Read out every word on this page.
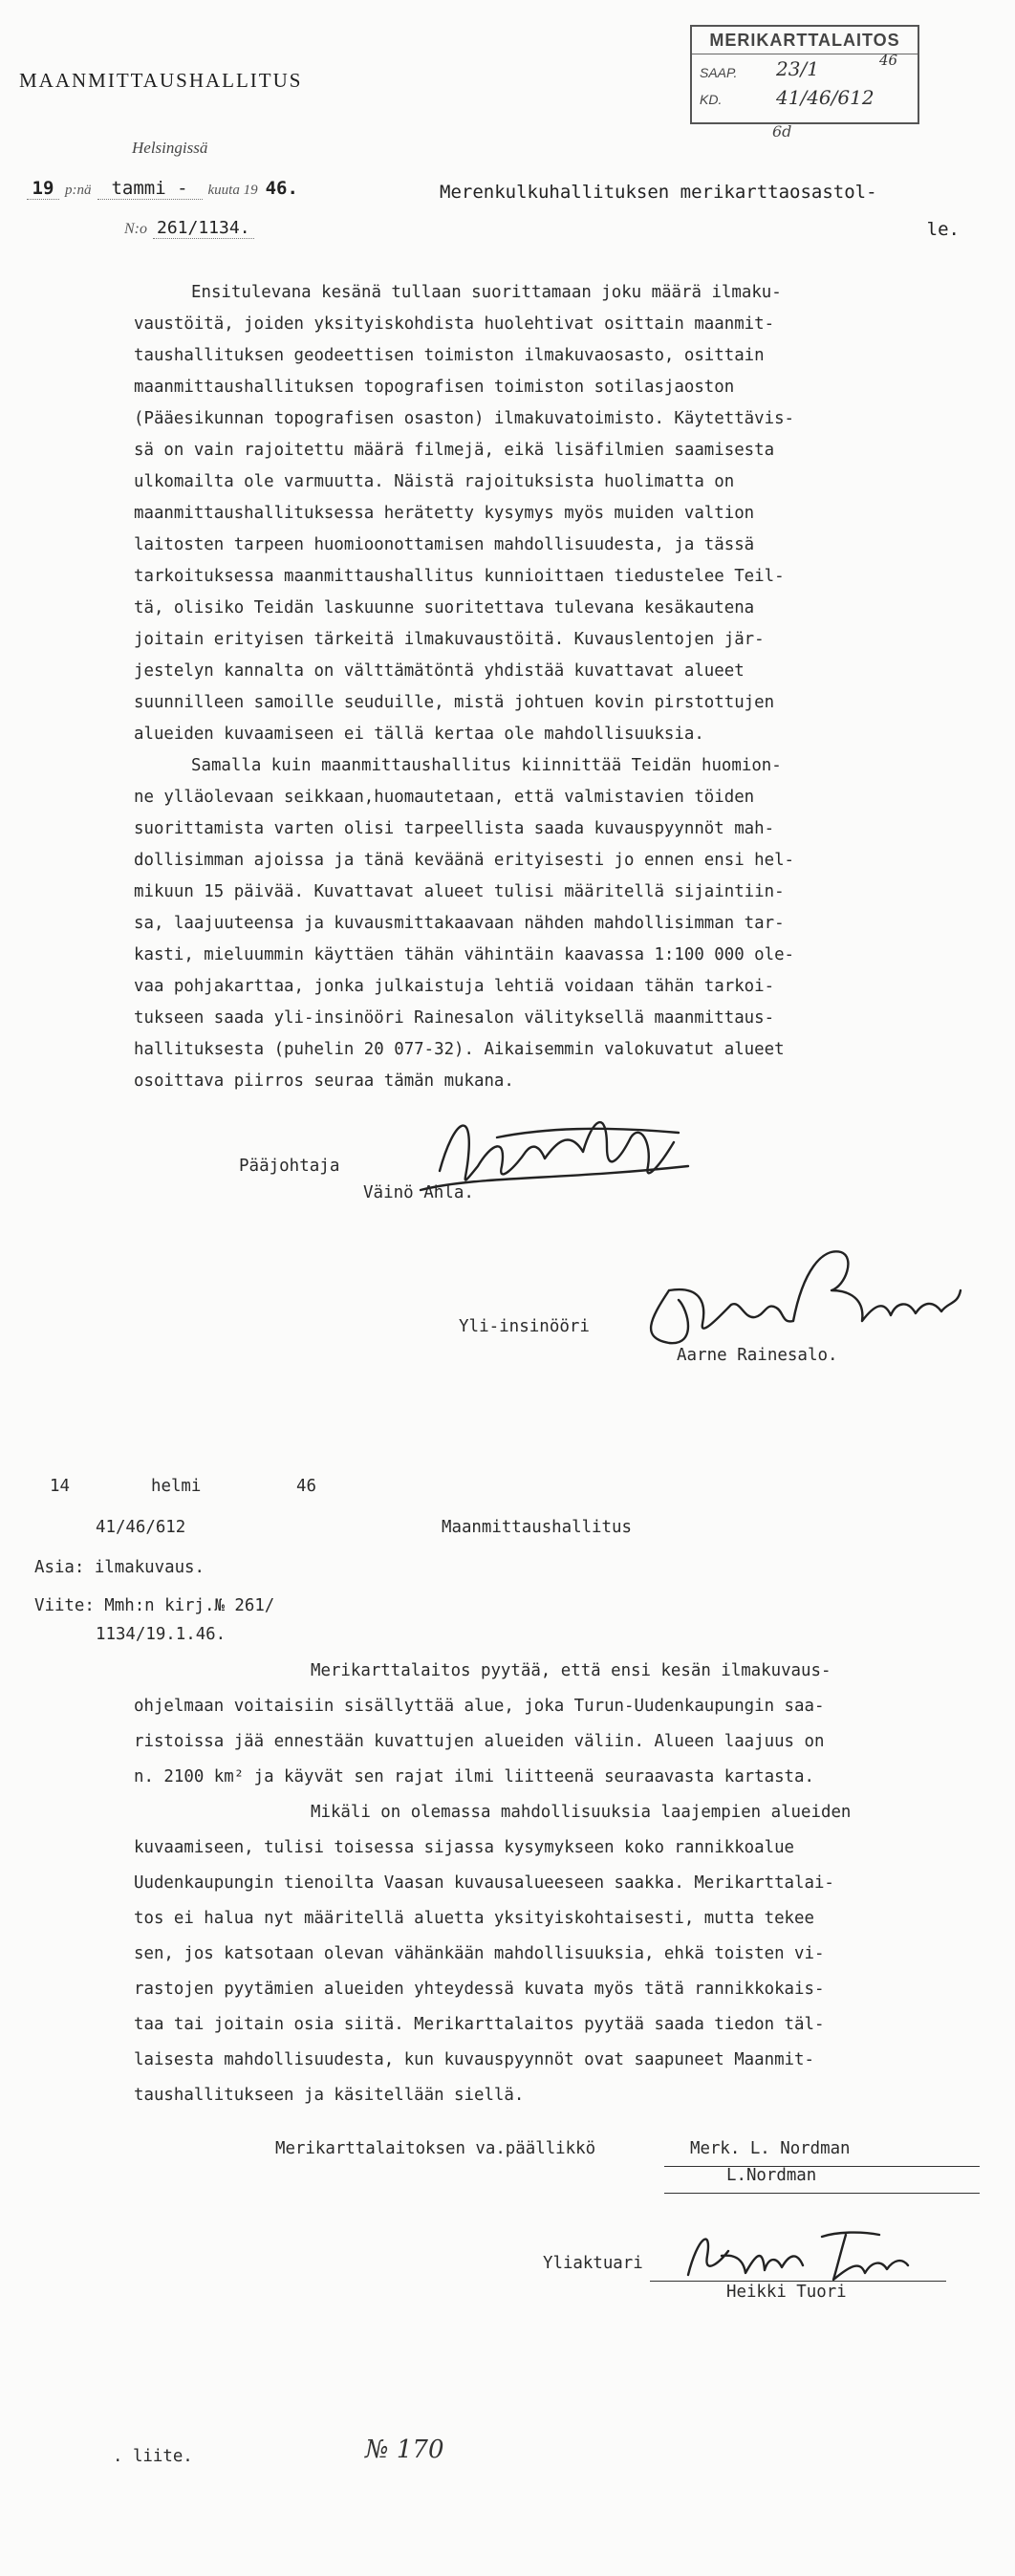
MAANMITTAUSHALLITUS
MERIKARTTALAITOS
SAAP.
KD.
23/1	46
41/46/612
6d
Helsingissä
19 p:nä tammi - kuuta 19 46.
N:o 261/1134.
Merenkulkuhallituksen merikarttaosastol-
le.
Ensitulevana kesänä tullaan suorittamaan joku määrä ilmaku-
vaustöitä, joiden yksityiskohdista huolehtivat osittain maanmit-
taushallituksen geodeettisen toimiston ilmakuvaosasto, osittain
maanmittaushallituksen topografisen toimiston sotilasjaoston
(Pääesikunnan topografisen osaston) ilmakuvatoimisto. Käytettävis-
sä on vain rajoitettu määrä filmejä, eikä lisäfilmien saamisesta
ulkomailta ole varmuutta. Näistä rajoituksista huolimatta on
maanmittaushallituksessa herätetty kysymys myös muiden valtion
laitosten tarpeen huomioonottamisen mahdollisuudesta, ja tässä
tarkoituksessa maanmittaushallitus kunnioittaen tiedustelee Teil-
tä, olisiko Teidän laskuunne suoritettava tulevana kesäkautena
joitain erityisen tärkeitä ilmakuvaustöitä. Kuvauslentojen jär-
jestelyn kannalta on välttämätöntä yhdistää kuvattavat alueet
suunnilleen samoille seuduille, mistä johtuen kovin pirstottujen
alueiden kuvaamiseen ei tällä kertaa ole mahdollisuuksia.
Samalla kuin maanmittaushallitus kiinnittää Teidän huomion-
ne ylläolevaan seikkaan,huomautetaan, että valmistavien töiden
suorittamista varten olisi tarpeellista saada kuvauspyynnöt mah-
dollisimman ajoissa ja tänä keväänä erityisesti jo ennen ensi hel-
mikuun 15 päivää. Kuvattavat alueet tulisi määritellä sijaintiin-
sa, laajuuteensa ja kuvausmittakaavaan nähden mahdollisimman tar-
kasti, mieluummin käyttäen tähän vähintäin kaavassa 1:100 000 ole-
vaa pohjakarttaa, jonka julkaistuja lehtiä voidaan tähän tarkoi-
tukseen saada yli-insinööri Rainesalon välityksellä maanmittaus-
hallituksesta (puhelin 20 077-32). Aikaisemmin valokuvatut alueet
osoittava piirros seuraa tämän mukana.
Pääjohtaja
Väinö Ahla.
Yli-insinööri
Aarne Rainesalo.
14	helmi	46
41/46/612	Maanmittaushallitus
Asia: ilmakuvaus.
Viite: Mmh:n kirj.№ 261/
1134/19.1.46.
Merikarttalaitos pyytää, että ensi kesän ilmakuvaus-
ohjelmaan voitaisiin sisällyttää alue, joka Turun-Uudenkaupungin saa-
ristoissa jää ennestään kuvattujen alueiden väliin. Alueen laajuus on
n. 2100 km² ja käyvät sen rajat ilmi liitteenä seuraavasta kartasta.
Mikäli on olemassa mahdollisuuksia laajempien alueiden
kuvaamiseen, tulisi toisessa sijassa kysymykseen koko rannikkoalue
Uudenkaupungin tienoilta Vaasan kuvausalueeseen saakka. Merikarttalai-
tos ei halua nyt määritellä aluetta yksityiskohtaisesti, mutta tekee
sen, jos katsotaan olevan vähänkään mahdollisuuksia, ehkä toisten vi-
rastojen pyytämien alueiden yhteydessä kuvata myös tätä rannikkokais-
taa tai joitain osia siitä. Merikarttalaitos pyytää saada tiedon täl-
laisesta mahdollisuudesta, kun kuvauspyynnöt ovat saapuneet Maanmit-
taushallitukseen ja käsitellään siellä.
Merikarttalaitoksen va.päällikkö	Merk. L. Nordman
L.Nordman
Yliaktuari
Heikki Tuori
. liite.	№ 170
